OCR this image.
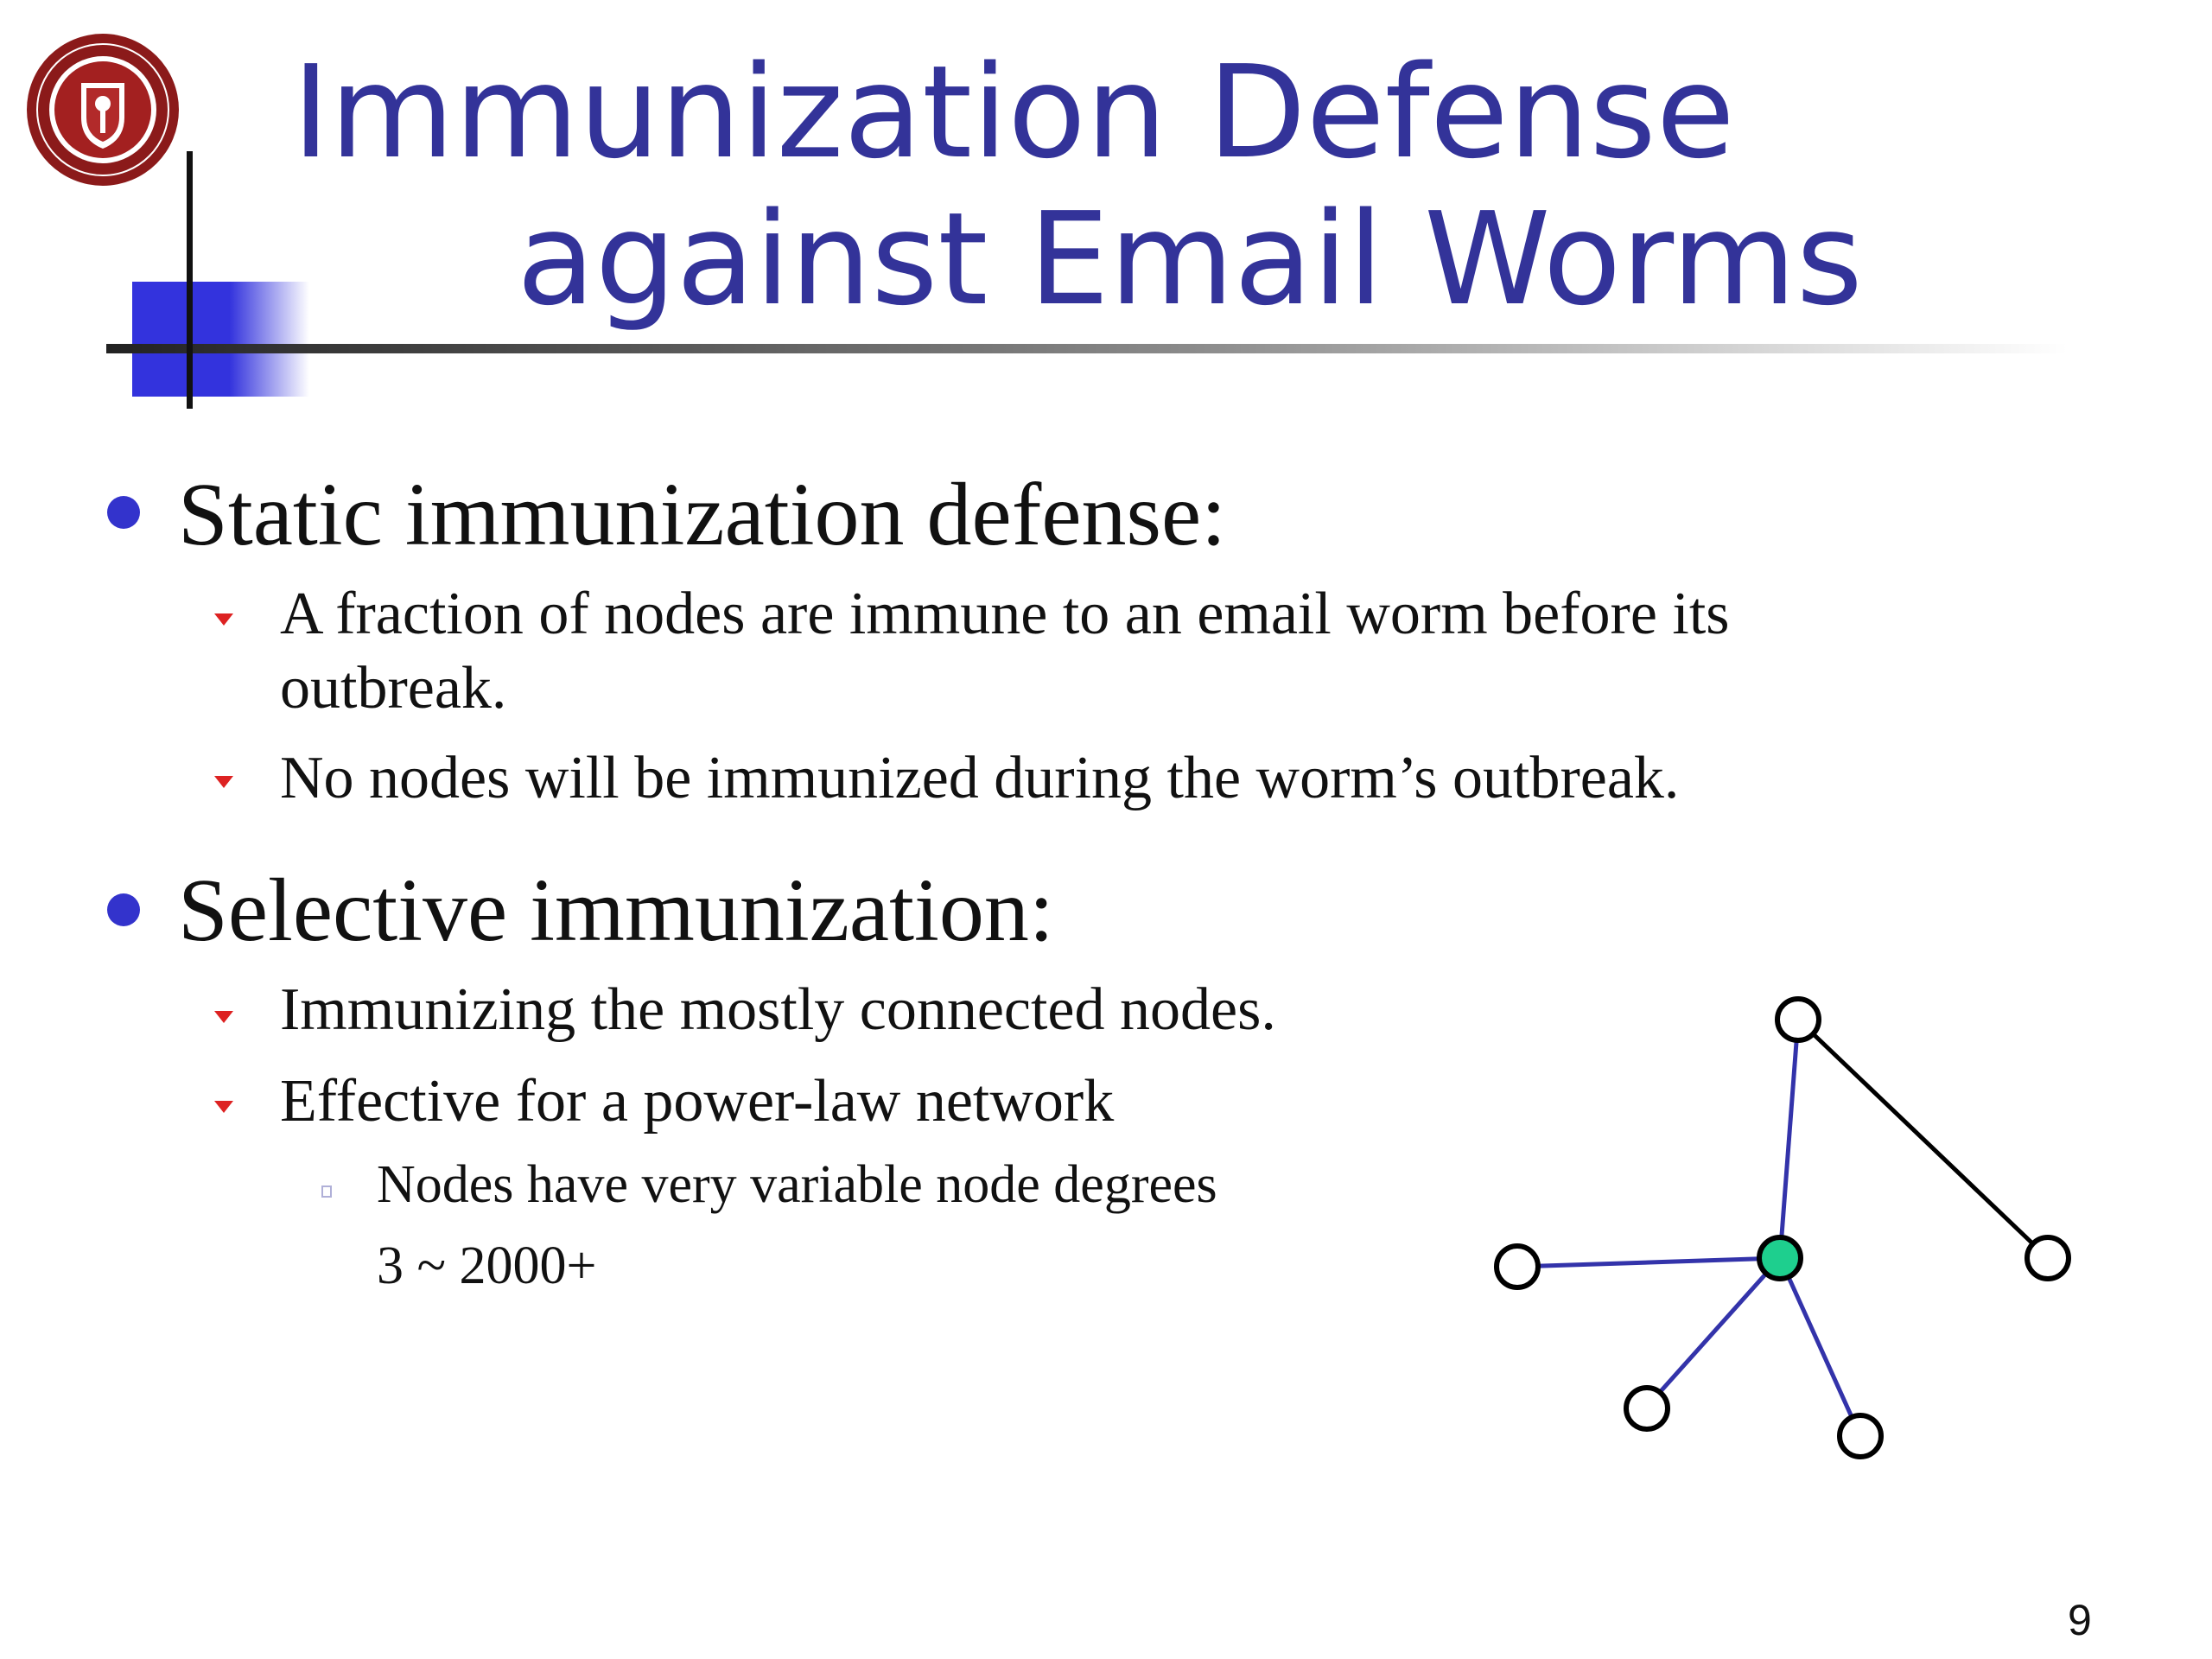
Immunization Defense
against Email Worms
Static immunization defense:
A fraction of nodes are immune to an email worm before its
outbreak.
No nodes will be immunized during the worm’s outbreak.
Selective immunization:
Immunizing the mostly connected nodes.
Effective for a power-law network
Nodes have very variable node degrees
3 ~ 2000+
9
